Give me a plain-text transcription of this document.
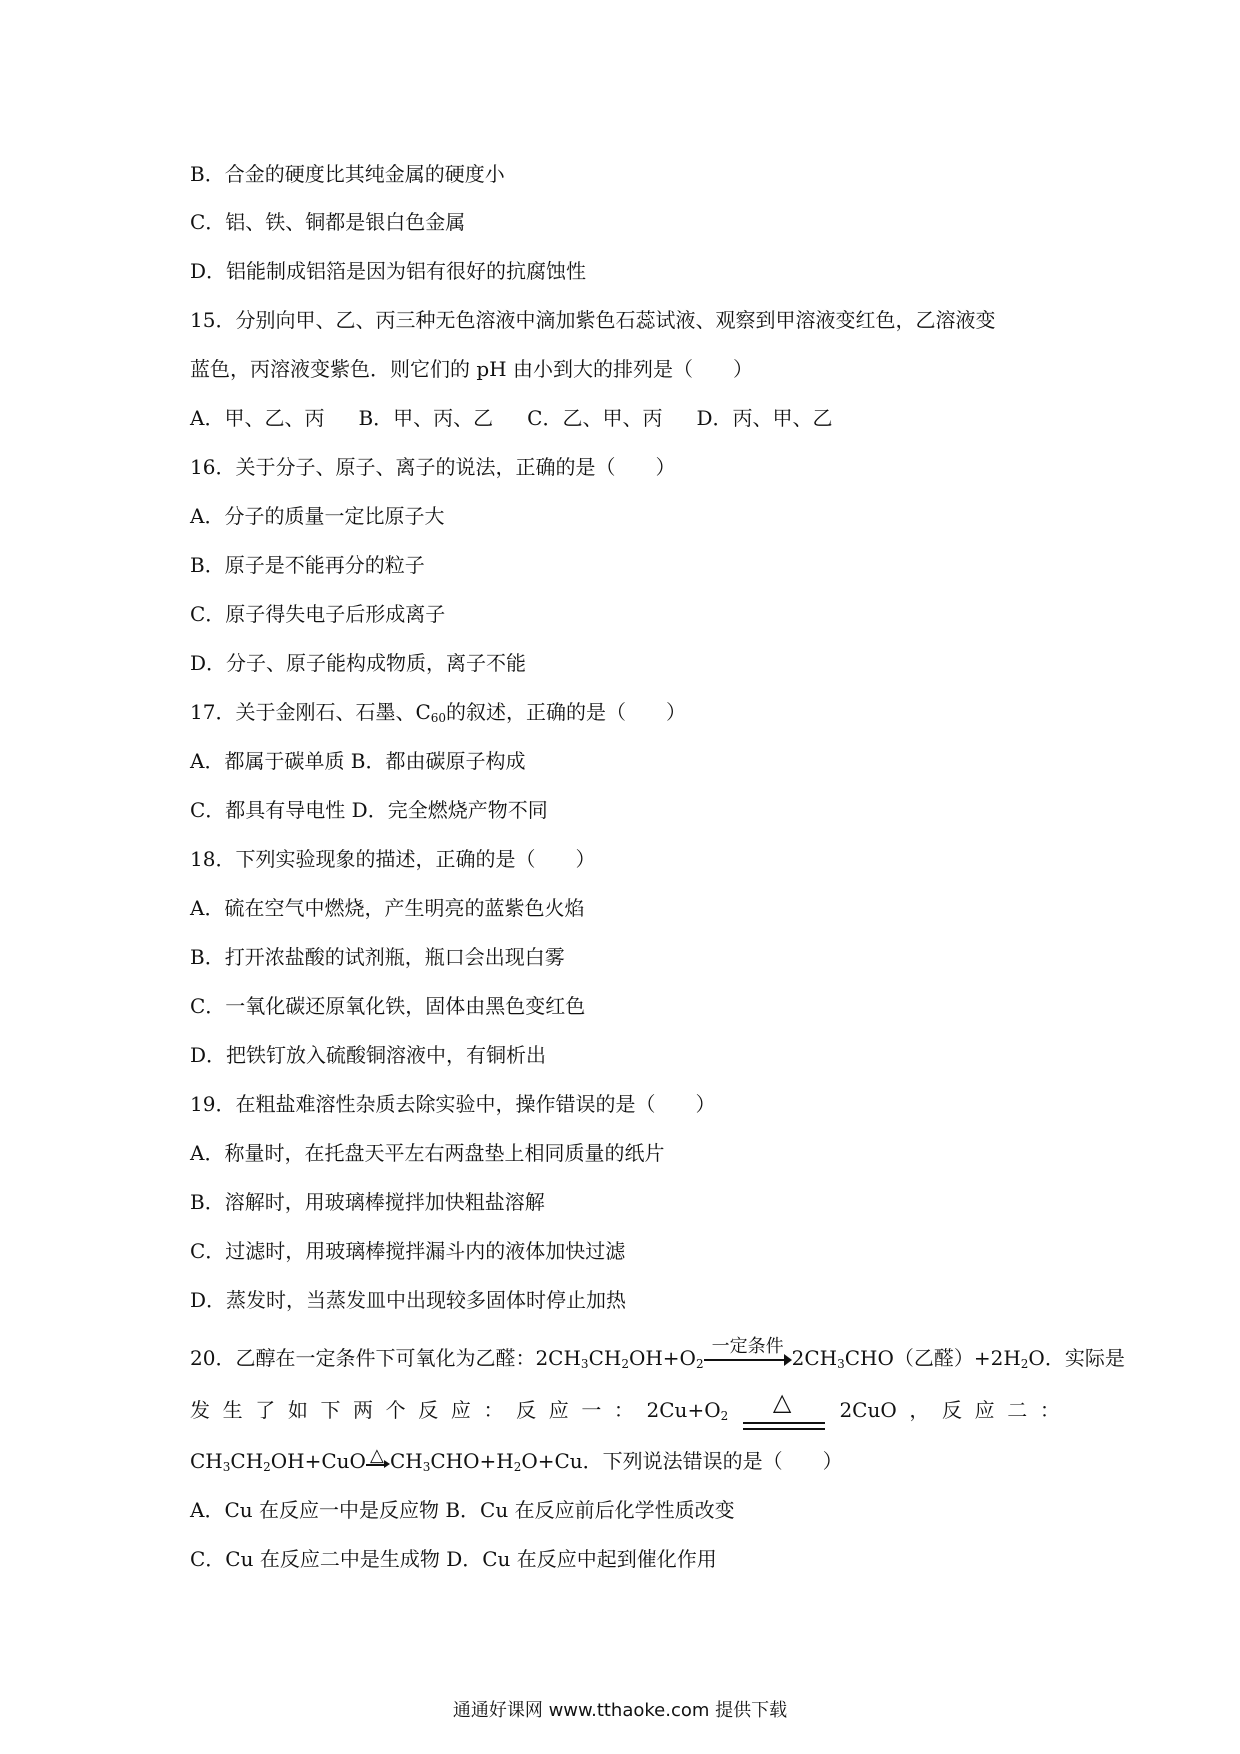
B．合金的硬度比其纯金属的硬度小
C．铝、铁、铜都是银白色金属
D．铝能制成铝箔是因为铝有很好的抗腐蚀性
15．分别向甲、乙、丙三种无色溶液中滴加紫色石蕊试液、观察到甲溶液变红色，乙溶液变
蓝色，丙溶液变紫色．则它们的 pH 由小到大的排列是（　　）
A．甲、乙、丙 B．甲、丙、乙 C．乙、甲、丙 D．丙、甲、乙
16．关于分子、原子、离子的说法，正确的是（　　）
A．分子的质量一定比原子大
B．原子是不能再分的粒子
C．原子得失电子后形成离子
D．分子、原子能构成物质，离子不能
17．关于金刚石、石墨、$C_{60}$的叙述，正确的是（　　）
A．都属于碳单质 B．都由碳原子构成
C．都具有导电性 D．完全燃烧产物不同
18．下列实验现象的描述，正确的是（　　）
A．硫在空气中燃烧，产生明亮的蓝紫色火焰
B．打开浓盐酸的试剂瓶，瓶口会出现白雾
C．一氧化碳还原氧化铁，固体由黑色变红色
D．把铁钉放入硫酸铜溶液中，有铜析出
19．在粗盐难溶性杂质去除实验中，操作错误的是（　　）
A．称量时，在托盘天平左右两盘垫上相同质量的纸片
B．溶解时，用玻璃棒搅拌加快粗盐溶解
C．过滤时，用玻璃棒搅拌漏斗内的液体加快过滤
D．蒸发时，当蒸发皿中出现较多固体时停止加热
20．乙醇在一定条件下可氧化为乙醛：$2CH_3CH_2OH+O_2$
一定条件 $2CH_3CHO$（乙醛）$+2H_2O$．实际是
发 生 了 如 下 两 个 反 应 ： 反 应 一 ： $2Cu+O_2$ △ 2CuO ， 反 应 二 ：
$CH_3CH_2OH+CuO$ △ $CH_3CHO+H_2O+Cu$．下列说法错误的是（　　）
A．Cu 在反应一中是反应物 B．Cu 在反应前后化学性质改变
C．Cu 在反应二中是生成物 D．Cu 在反应中起到催化作用
通通好课网 www.tthaoke.com 提供下载
